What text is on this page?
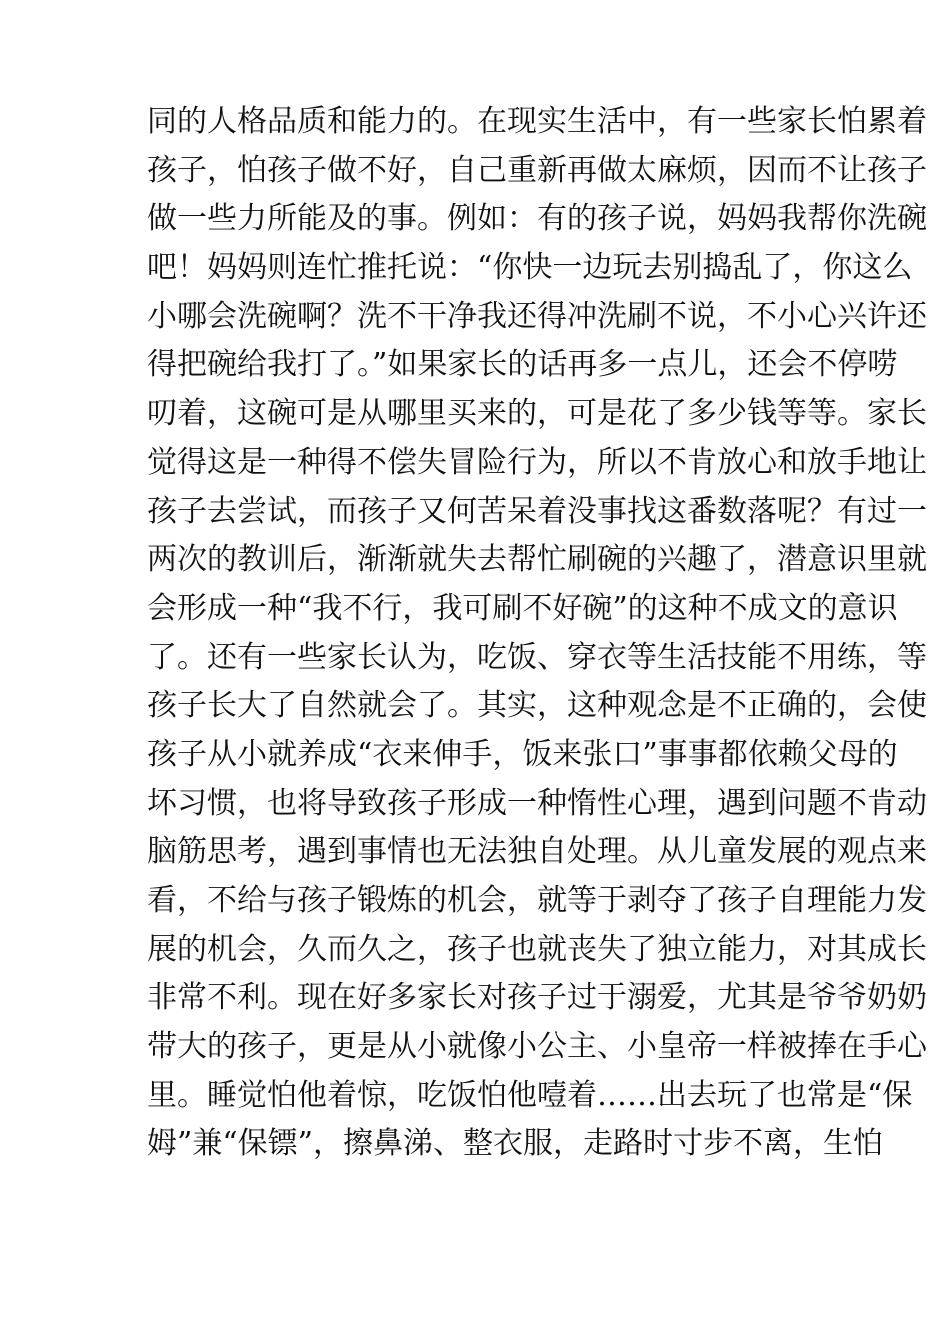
同的人格品质和能力的。在现实生活中，有一些家长怕累着
孩子，怕孩子做不好，自己重新再做太麻烦，因而不让孩子
做一些力所能及的事。例如：有的孩子说，妈妈我帮你洗碗
吧！妈妈则连忙推托说：“你快一边玩去别捣乱了，你这么
小哪会洗碗啊？洗不干净我还得冲洗刷不说，不小心兴许还
得把碗给我打了。”如果家长的话再多一点儿，还会不停唠
叨着，这碗可是从哪里买来的，可是花了多少钱等等。家长
觉得这是一种得不偿失冒险行为，所以不肯放心和放手地让
孩子去尝试，而孩子又何苦呆着没事找这番数落呢？有过一
两次的教训后，渐渐就失去帮忙刷碗的兴趣了，潜意识里就
会形成一种“我不行，我可刷不好碗”的这种不成文的意识
了。还有一些家长认为，吃饭、穿衣等生活技能不用练，等
孩子长大了自然就会了。其实，这种观念是不正确的，会使
孩子从小就养成“衣来伸手，饭来张口”事事都依赖父母的
坏习惯，也将导致孩子形成一种惰性心理，遇到问题不肯动
脑筋思考，遇到事情也无法独自处理。从儿童发展的观点来
看，不给与孩子锻炼的机会，就等于剥夺了孩子自理能力发
展的机会，久而久之，孩子也就丧失了独立能力，对其成长
非常不利。现在好多家长对孩子过于溺爱，尤其是爷爷奶奶
带大的孩子，更是从小就像小公主、小皇帝一样被捧在手心
里。睡觉怕他着惊，吃饭怕他噎着……出去玩了也常是“保
姆”兼“保镖”，擦鼻涕、整衣服，走路时寸步不离，生怕
